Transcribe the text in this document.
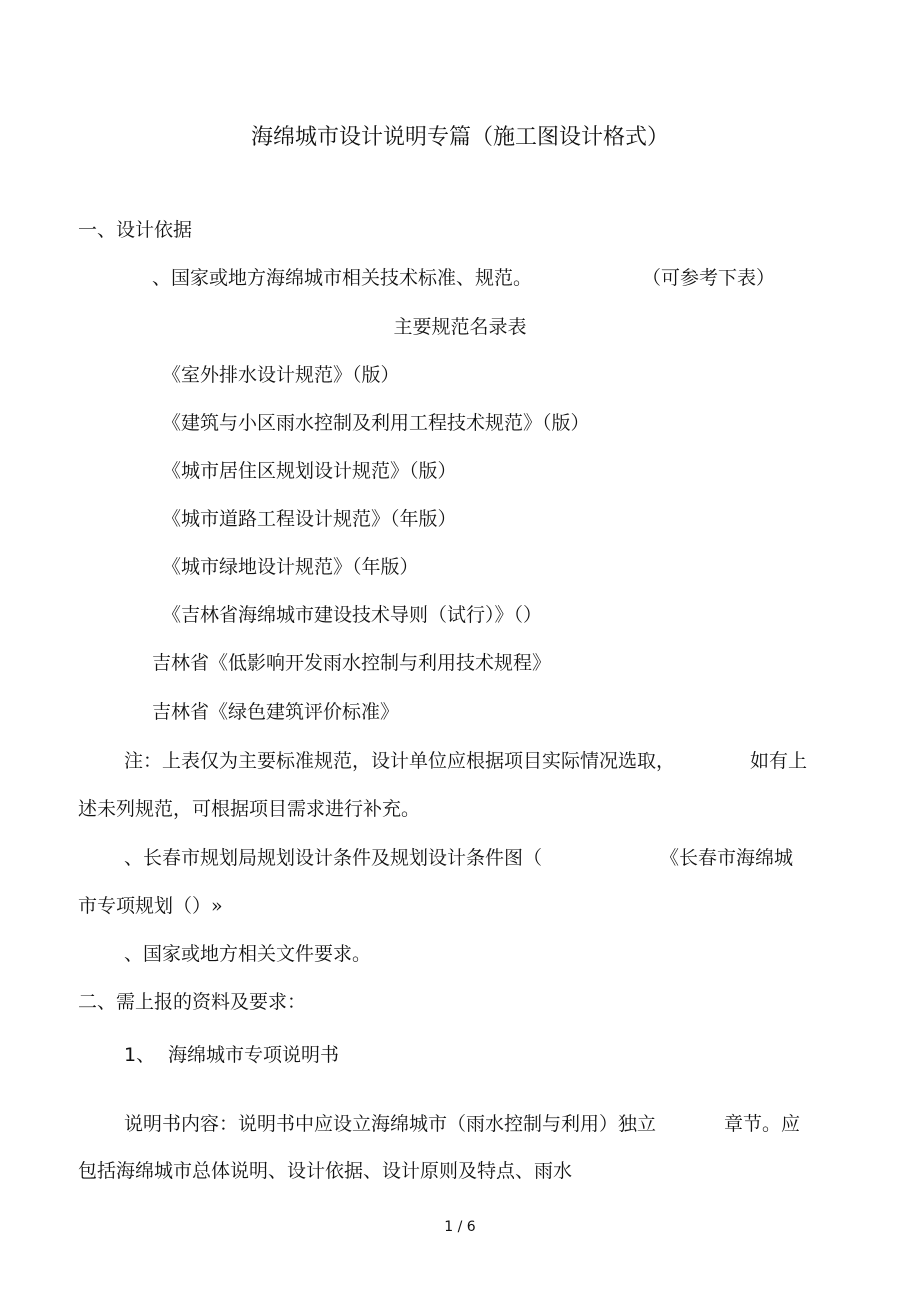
海绵城市设计说明专篇（施工图设计格式）
一、设计依据
、国家或地方海绵城市相关技术标准、规范。	（可参考下表）
主要规范名录表
《室外排水设计规范》（版）
《建筑与小区雨水控制及利用工程技术规范》（版）
《城市居住区规划设计规范》（版）
《城市道路工程设计规范》（年版）
《城市绿地设计规范》（年版）
《吉林省海绵城市建设技术导则（试行）》（）
吉林省《低影响开发雨水控制与利用技术规程》
吉林省《绿色建筑评价标准》
注：上表仅为主要标准规范，设计单位应根据项目实际情况选取，	如有上
述未列规范，可根据项目需求进行补充。
、长春市规划局规划设计条件及规划设计条件图（	《长春市海绵城
市专项规划（）»
、国家或地方相关文件要求。
二、需上报的资料及要求：
1、 海绵城市专项说明书
说明书内容：说明书中应设立海绵城市（雨水控制与利用）独立	章节。应
包括海绵城市总体说明、设计依据、设计原则及特点、雨水
1 / 6
